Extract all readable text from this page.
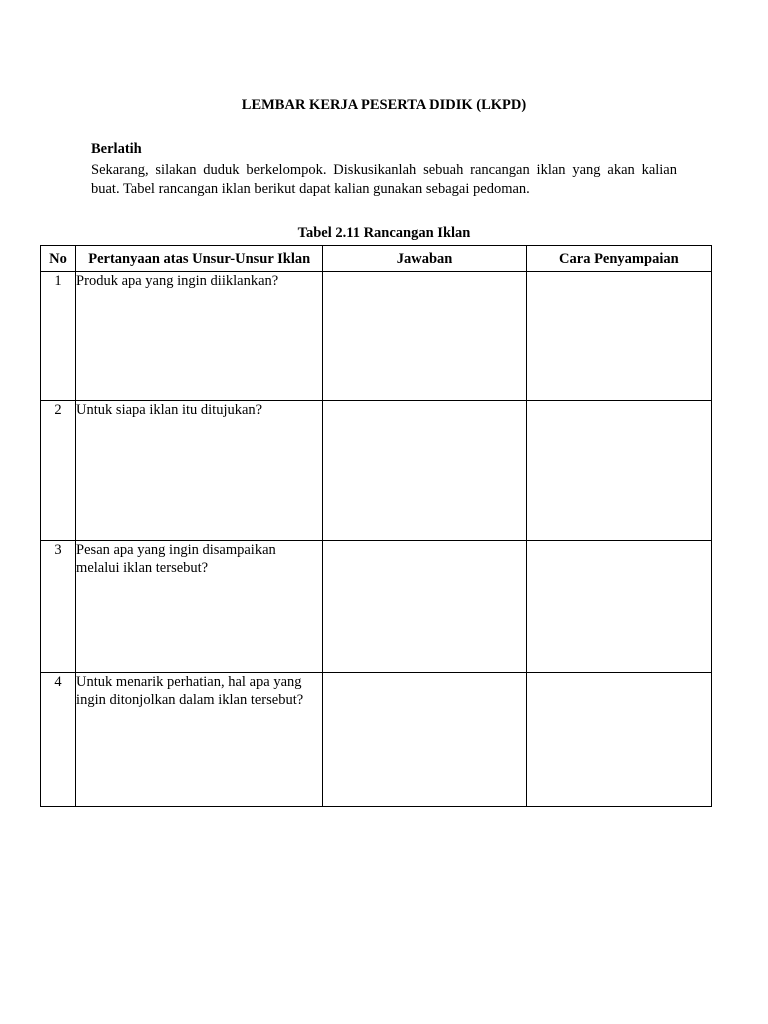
LEMBAR KERJA PESERTA DIDIK (LKPD)
Berlatih

Sekarang, silakan duduk berkelompok. Diskusikanlah sebuah rancangan iklan yang akan kalian buat. Tabel rancangan iklan berikut dapat kalian gunakan sebagai pedoman.

Tabel 2.11 Rancangan Iklan
No	Pertanyaan atas Unsur-Unsur Iklan	Jawaban	Cara Penyampaian
1	Produk apa yang ingin diiklankan?		
2	Untuk siapa iklan itu ditujukan?		
3	Pesan apa yang ingin disampaikan melalui iklan tersebut?		
4	Untuk menarik perhatian, hal apa yang ingin ditonjolkan dalam iklan tersebut?		
